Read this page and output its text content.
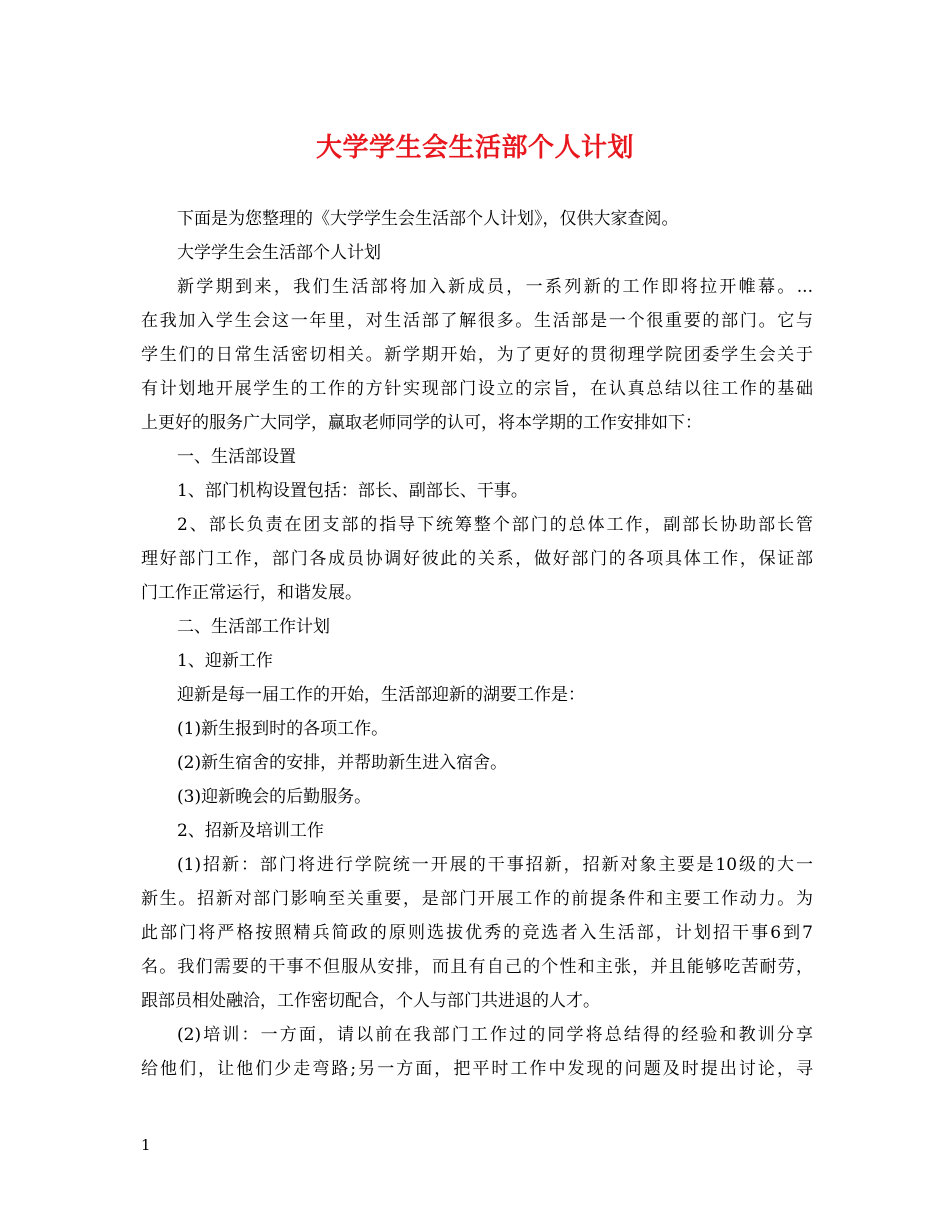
大学学生会生活部个人计划
下面是为您整理的《大学学生会生活部个人计划》，仅供大家查阅。
大学学生会生活部个人计划
新学期到来，我们生活部将加入新成员，一系列新的工作即将拉开帷幕。...
在我加入学生会这一年里，对生活部了解很多。生活部是一个很重要的部门。它与
学生们的日常生活密切相关。新学期开始，为了更好的贯彻理学院团委学生会关于
有计划地开展学生的工作的方针实现部门设立的宗旨，在认真总结以往工作的基础
上更好的服务广大同学，赢取老师同学的认可，将本学期的工作安排如下：
一、生活部设置
1、部门机构设置包括：部长、副部长、干事。
2、部长负责在团支部的指导下统筹整个部门的总体工作，副部长协助部长管
理好部门工作，部门各成员协调好彼此的关系，做好部门的各项具体工作，保证部
门工作正常运行，和谐发展。
二、生活部工作计划
1、迎新工作
迎新是每一届工作的开始，生活部迎新的湖要工作是：
(1)新生报到时的各项工作。
(2)新生宿舍的安排，并帮助新生进入宿舍。
(3)迎新晚会的后勤服务。
2、招新及培训工作
(1)招新：部门将进行学院统一开展的干事招新，招新对象主要是10级的大一
新生。招新对部门影响至关重要，是部门开展工作的前提条件和主要工作动力。为
此部门将严格按照精兵简政的原则选拔优秀的竞选者入生活部，计划招干事6到7
名。我们需要的干事不但服从安排，而且有自己的个性和主张，并且能够吃苦耐劳，
跟部员相处融洽，工作密切配合，个人与部门共进退的人才。
(2)培训：一方面，请以前在我部门工作过的同学将总结得的经验和教训分享
给他们，让他们少走弯路;另一方面，把平时工作中发现的问题及时提出讨论，寻
1
